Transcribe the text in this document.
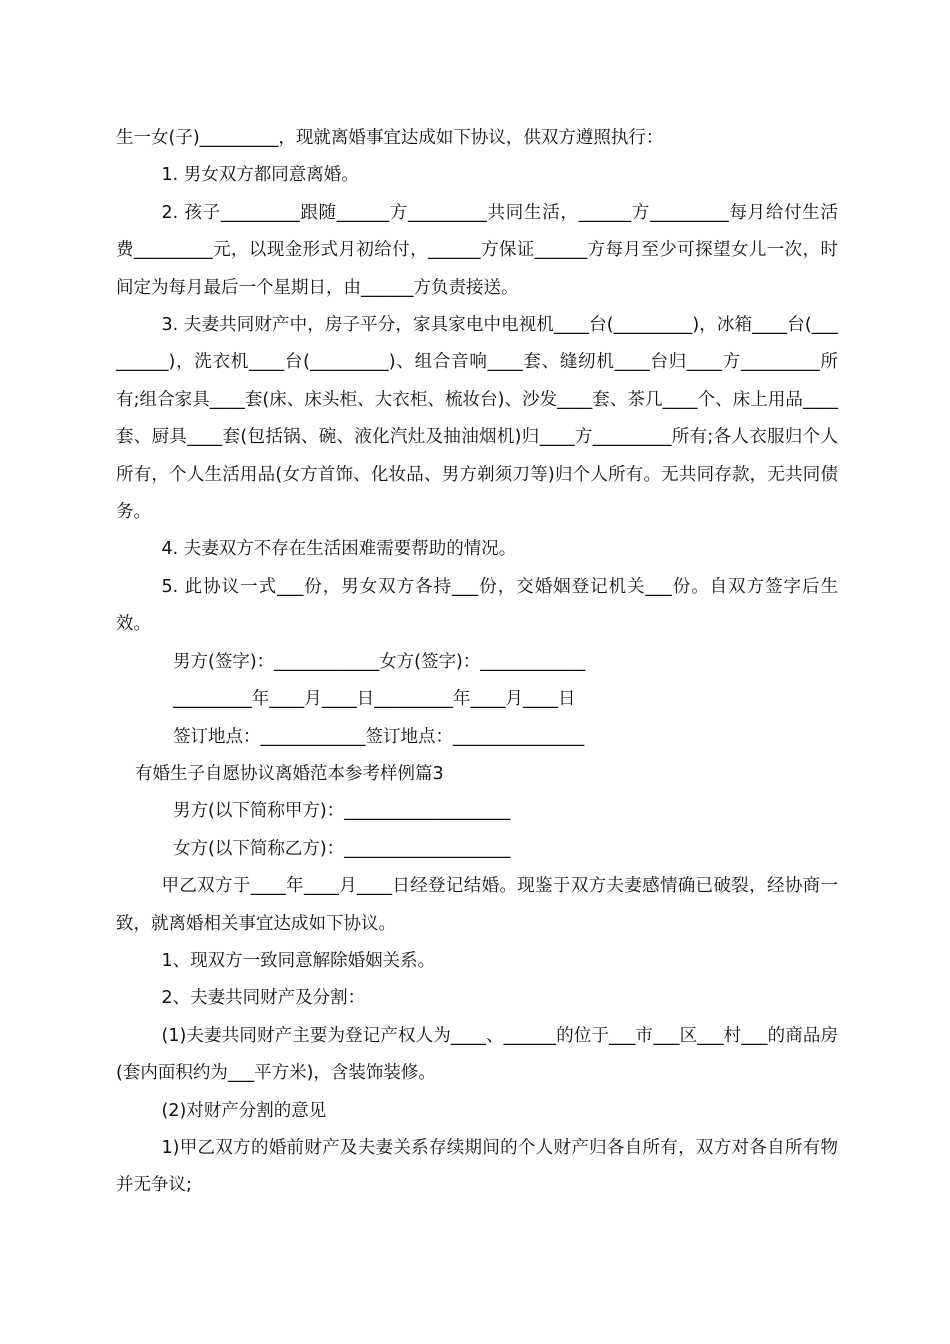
生一女(子)_________，现就离婚事宜达成如下协议，供双方遵照执行：

1. 男女双方都同意离婚。

2. 孩子_________跟随______方_________共同生活，______方_________每月给付生活费_________元，以现金形式月初给付，______方保证______方每月至少可探望女儿一次，时间定为每月最后一个星期日，由______方负责接送。

3. 夫妻共同财产中，房子平分，家具家电中电视机____台(_________)，冰箱____台(_________)，洗衣机____台(_________)、组合音响____套、缝纫机____台归____方_________所有;组合家具____套(床、床头柜、大衣柜、梳妆台)、沙发____套、茶几____个、床上用品____套、厨具____套(包括锅、碗、液化汽灶及抽油烟机)归____方_________所有;各人衣服归个人所有，个人生活用品(女方首饰、化妆品、男方剃须刀等)归个人所有。无共同存款，无共同债务。

4. 夫妻双方不存在生活困难需要帮助的情况。

5. 此协议一式___份，男女双方各持___份，交婚姻登记机关___份。自双方签字后生效。

男方(签字)：____________女方(签字)：____________

_________年____月____日_________年____月____日

签订地点：____________签订地点：_______________

有婚生子自愿协议离婚范本参考样例篇3

男方(以下简称甲方)：___________________

女方(以下简称乙方)：___________________

甲乙双方于____年____月____日经登记结婚。现鉴于双方夫妻感情确已破裂，经协商一致，就离婚相关事宜达成如下协议。

1、现双方一致同意解除婚姻关系。

2、夫妻共同财产及分割：

(1)夫妻共同财产主要为登记产权人为____、______的位于___市___区___村___的商品房(套内面积约为___平方米)，含装饰装修。

(2)对财产分割的意见

1)甲乙双方的婚前财产及夫妻关系存续期间的个人财产归各自所有，双方对各自所有物并无争议;
